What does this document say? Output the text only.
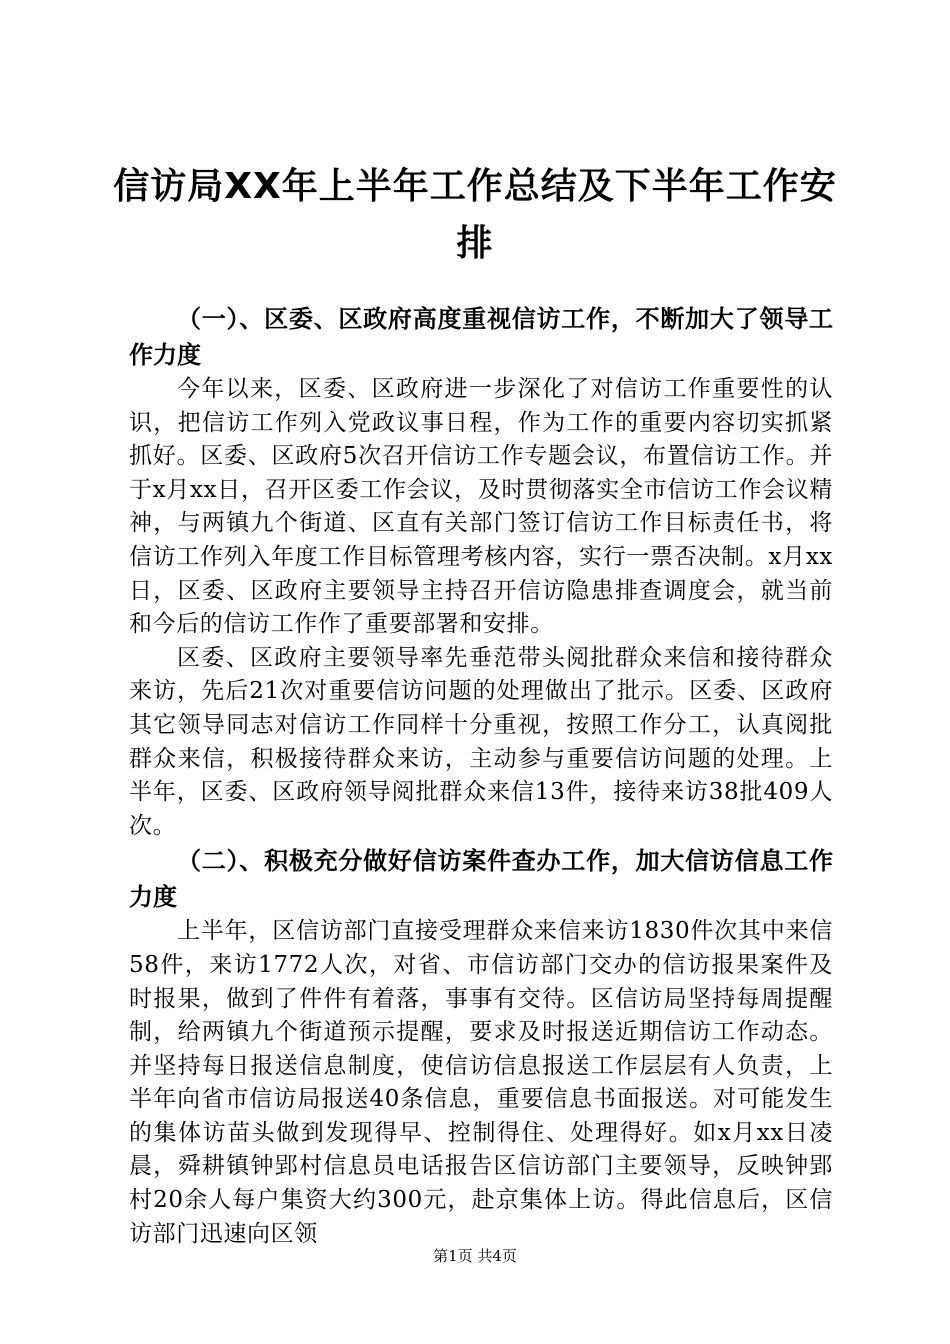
信访局XX年上半年工作总结及下半年工作安
排

（一）、区委、区政府高度重视信访工作，不断加大了领导工作力度

今年以来，区委、区政府进一步深化了对信访工作重要性的认识，把信访工作列入党政议事日程，作为工作的重要内容切实抓紧抓好。区委、区政府5次召开信访工作专题会议，布置信访工作。并于x月xx日，召开区委工作会议，及时贯彻落实全市信访工作会议精神，与两镇九个街道、区直有关部门签订信访工作目标责任书，将信访工作列入年度工作目标管理考核内容，实行一票否决制。x月xx日，区委、区政府主要领导主持召开信访隐患排查调度会，就当前和今后的信访工作作了重要部署和安排。

区委、区政府主要领导率先垂范带头阅批群众来信和接待群众来访，先后21次对重要信访问题的处理做出了批示。区委、区政府其它领导同志对信访工作同样十分重视，按照工作分工，认真阅批群众来信，积极接待群众来访，主动参与重要信访问题的处理。上半年，区委、区政府领导阅批群众来信13件，接待来访38批409人次。

（二）、积极充分做好信访案件查办工作，加大信访信息工作力度

上半年，区信访部门直接受理群众来信来访1830件次其中来信58件，来访1772人次，对省、市信访部门交办的信访报果案件及时报果，做到了件件有着落，事事有交待。区信访局坚持每周提醒制，给两镇九个街道预示提醒，要求及时报送近期信访工作动态。并坚持每日报送信息制度，使信访信息报送工作层层有人负责，上半年向省市信访局报送40条信息，重要信息书面报送。对可能发生的集体访苗头做到发现得早、控制得住、处理得好。如x月xx日凌晨，舜耕镇钟郢村信息员电话报告区信访部门主要领导，反映钟郢村20余人每户集资大约300元，赴京集体上访。得此信息后，区信访部门迅速向区领

第1页 共4页
